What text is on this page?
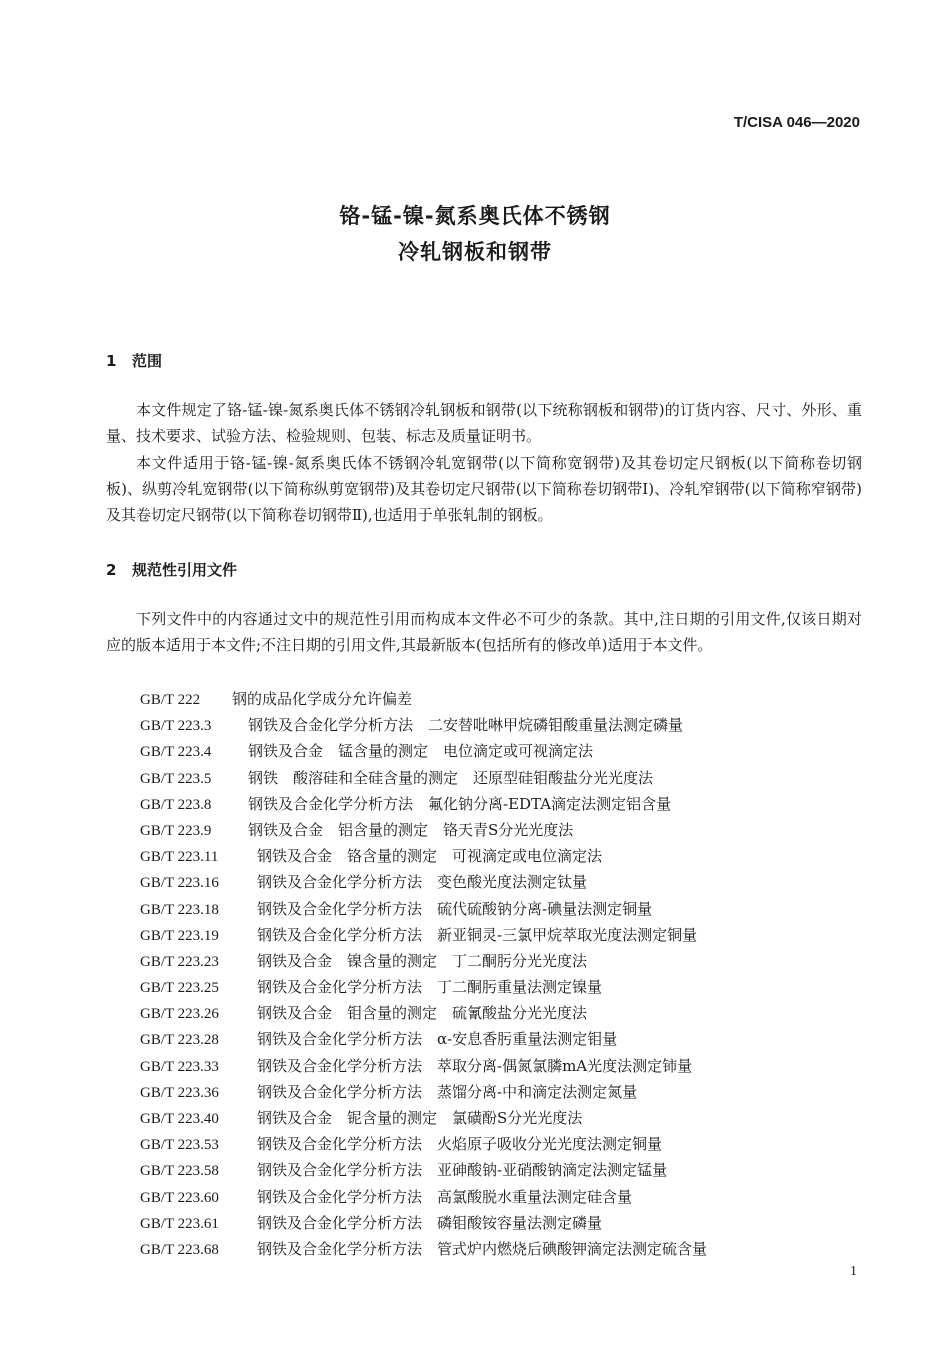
T/CISA 046—2020
铬-锰-镍-氮系奥氏体不锈钢
冷轧钢板和钢带
1 范围

本文件规定了铬-锰-镍-氮系奥氏体不锈钢冷轧钢板和钢带(以下统称钢板和钢带)的订货内容、尺寸、外形、重量、技术要求、试验方法、检验规则、包装、标志及质量证明书。

本文件适用于铬-锰-镍-氮系奥氏体不锈钢冷轧宽钢带(以下简称宽钢带)及其卷切定尺钢板(以下简称卷切钢板)、纵剪冷轧宽钢带(以下简称纵剪宽钢带)及其卷切定尺钢带(以下简称卷切钢带Ⅰ)、冷轧窄钢带(以下简称窄钢带)及其卷切定尺钢带(以下简称卷切钢带Ⅱ),也适用于单张轧制的钢板。

2 规范性引用文件

下列文件中的内容通过文中的规范性引用而构成本文件必不可少的条款。其中,注日期的引用文件,仅该日期对应的版本适用于本文件;不注日期的引用文件,其最新版本(包括所有的修改单)适用于本文件。

GB/T 222 钢的成品化学成分允许偏差
GB/T 223.3 钢铁及合金化学分析方法　二安替吡啉甲烷磷钼酸重量法测定磷量
GB/T 223.4 钢铁及合金　锰含量的测定　电位滴定或可视滴定法
GB/T 223.5 钢铁　酸溶硅和全硅含量的测定　还原型硅钼酸盐分光光度法
GB/T 223.8 钢铁及合金化学分析方法　氟化钠分离-EDTA滴定法测定铝含量
GB/T 223.9 钢铁及合金　铝含量的测定　铬天青S分光光度法
GB/T 223.11	钢铁及合金　铬含量的测定　可视滴定或电位滴定法
GB/T 223.16	钢铁及合金化学分析方法　变色酸光度法测定钛量
GB/T 223.18	钢铁及合金化学分析方法　硫代硫酸钠分离-碘量法测定铜量
GB/T 223.19	钢铁及合金化学分析方法　新亚铜灵-三氯甲烷萃取光度法测定铜量
GB/T 223.23	钢铁及合金　镍含量的测定　丁二酮肟分光光度法
GB/T 223.25	钢铁及合金化学分析方法　丁二酮肟重量法测定镍量
GB/T 223.26	钢铁及合金　钼含量的测定　硫氰酸盐分光光度法
GB/T 223.28	钢铁及合金化学分析方法　α-安息香肟重量法测定钼量
GB/T 223.33	钢铁及合金化学分析方法　萃取分离-偶氮氯膦mA光度法测定铈量
GB/T 223.36	钢铁及合金化学分析方法　蒸馏分离-中和滴定法测定氮量
GB/T 223.40	钢铁及合金　铌含量的测定　氯磺酚S分光光度法
GB/T 223.53	钢铁及合金化学分析方法　火焰原子吸收分光光度法测定铜量
GB/T 223.58	钢铁及合金化学分析方法　亚砷酸钠-亚硝酸钠滴定法测定锰量
GB/T 223.60	钢铁及合金化学分析方法　高氯酸脱水重量法测定硅含量
GB/T 223.61	钢铁及合金化学分析方法　磷钼酸铵容量法测定磷量
GB/T 223.68	钢铁及合金化学分析方法　管式炉内燃烧后碘酸钾滴定法测定硫含量
1
